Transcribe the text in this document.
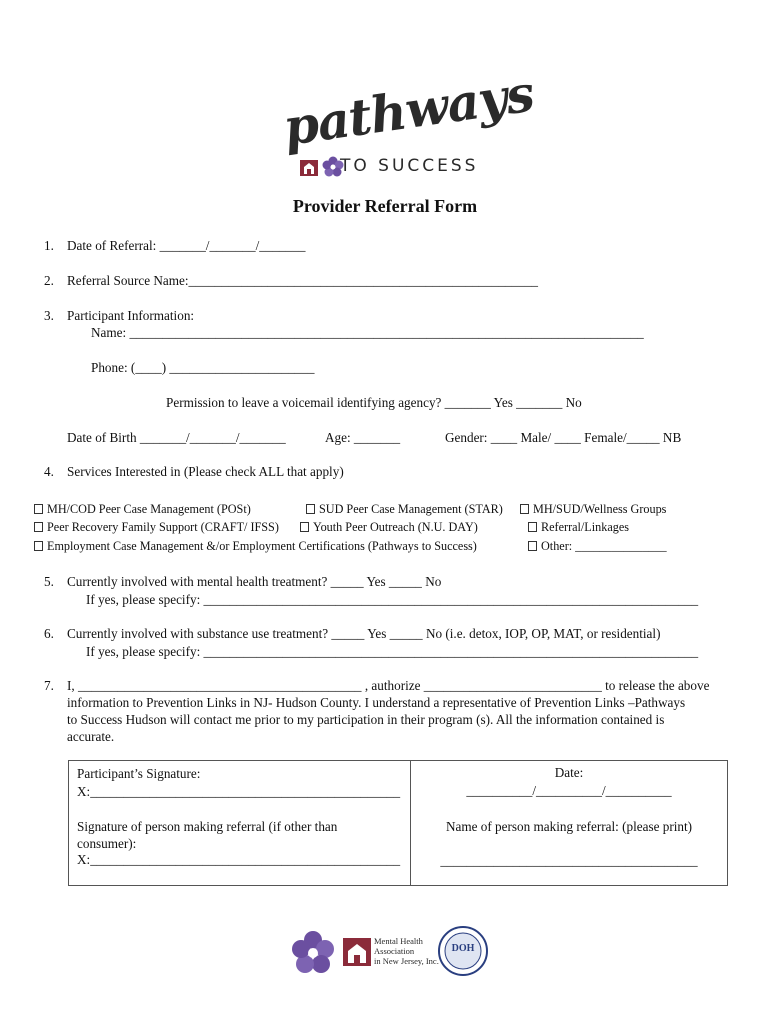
pathways
TO SUCCESS
Provider Referral Form
1. Date of Referral: _______/_______/_______
2. Referral Source Name:_____________________________________________________
3. Participant Information:
Name: ______________________________________________________________________________
Phone: (____) ______________________
Permission to leave a voicemail identifying agency? _______ Yes _______ No
Date of Birth _______/_______/_______	Age: _______	Gender: ____ Male/ ____ Female/_____ NB
4. Services Interested in (Please check ALL that apply)
MH/COD Peer Case Management (POSt)	SUD Peer Case Management (STAR)	MH/SUD/Wellness Groups
Peer Recovery Family Support (CRAFT/ IFSS)	Youth Peer Outreach (N.U. DAY)	Referral/Linkages
Employment Case Management &/or Employment Certifications (Pathways to Success)	Other: _______________
5. Currently involved with mental health treatment? _____ Yes _____ No
If yes, please specify: ___________________________________________________________________________
6. Currently involved with substance use treatment? _____ Yes _____ No (i.e. detox, IOP, OP, MAT, or residential)
If yes, please specify: ___________________________________________________________________________
7. I, ___________________________________________ , authorize ___________________________ to release the above
information to Prevention Links in NJ- Hudson County. I understand a representative of Prevention Links –Pathways
to Success Hudson will contact me prior to my participation in their program (s). All the information contained is
accurate.
Participant’s Signature:
X:_______________________________________________
Date:
__________/__________/__________
Signature of person making referral (if other than
consumer):
X:_______________________________________________
Name of person making referral: (please print)
_______________________________________
Mental Health
Association
in New Jersey, Inc.
DOH
